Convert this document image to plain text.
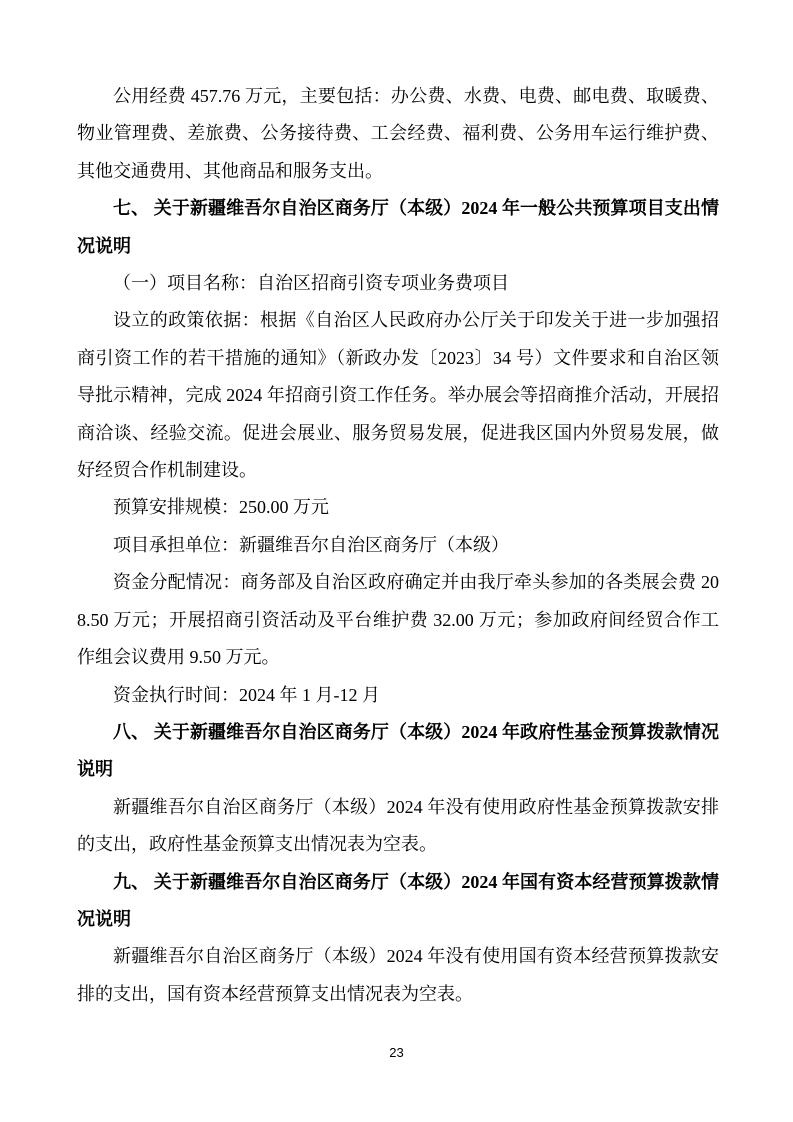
公用经费 457.76 万元，主要包括：办公费、水费、电费、邮电费、取暖费、物业管理费、差旅费、公务接待费、工会经费、福利费、公务用车运行维护费、其他交通费用、其他商品和服务支出。

七、 关于新疆维吾尔自治区商务厅（本级）2024 年一般公共预算项目支出情况说明

（一）项目名称：自治区招商引资专项业务费项目

设立的政策依据：根据《自治区人民政府办公厅关于印发关于进一步加强招商引资工作的若干措施的通知》（新政办发〔2023〕34 号）文件要求和自治区领导批示精神，完成 2024 年招商引资工作任务。举办展会等招商推介活动，开展招商洽谈、经验交流。促进会展业、服务贸易发展，促进我区国内外贸易发展，做好经贸合作机制建设。

预算安排规模：250.00 万元

项目承担单位：新疆维吾尔自治区商务厅（本级）

资金分配情况：商务部及自治区政府确定并由我厅牵头参加的各类展会费 208.50 万元；开展招商引资活动及平台维护费 32.00 万元；参加政府间经贸合作工作组会议费用 9.50 万元。

资金执行时间：2024 年 1 月-12 月

八、 关于新疆维吾尔自治区商务厅（本级）2024 年政府性基金预算拨款情况说明

新疆维吾尔自治区商务厅（本级）2024 年没有使用政府性基金预算拨款安排的支出，政府性基金预算支出情况表为空表。

九、 关于新疆维吾尔自治区商务厅（本级）2024 年国有资本经营预算拨款情况说明

新疆维吾尔自治区商务厅（本级）2024 年没有使用国有资本经营预算拨款安排的支出，国有资本经营预算支出情况表为空表。

23
